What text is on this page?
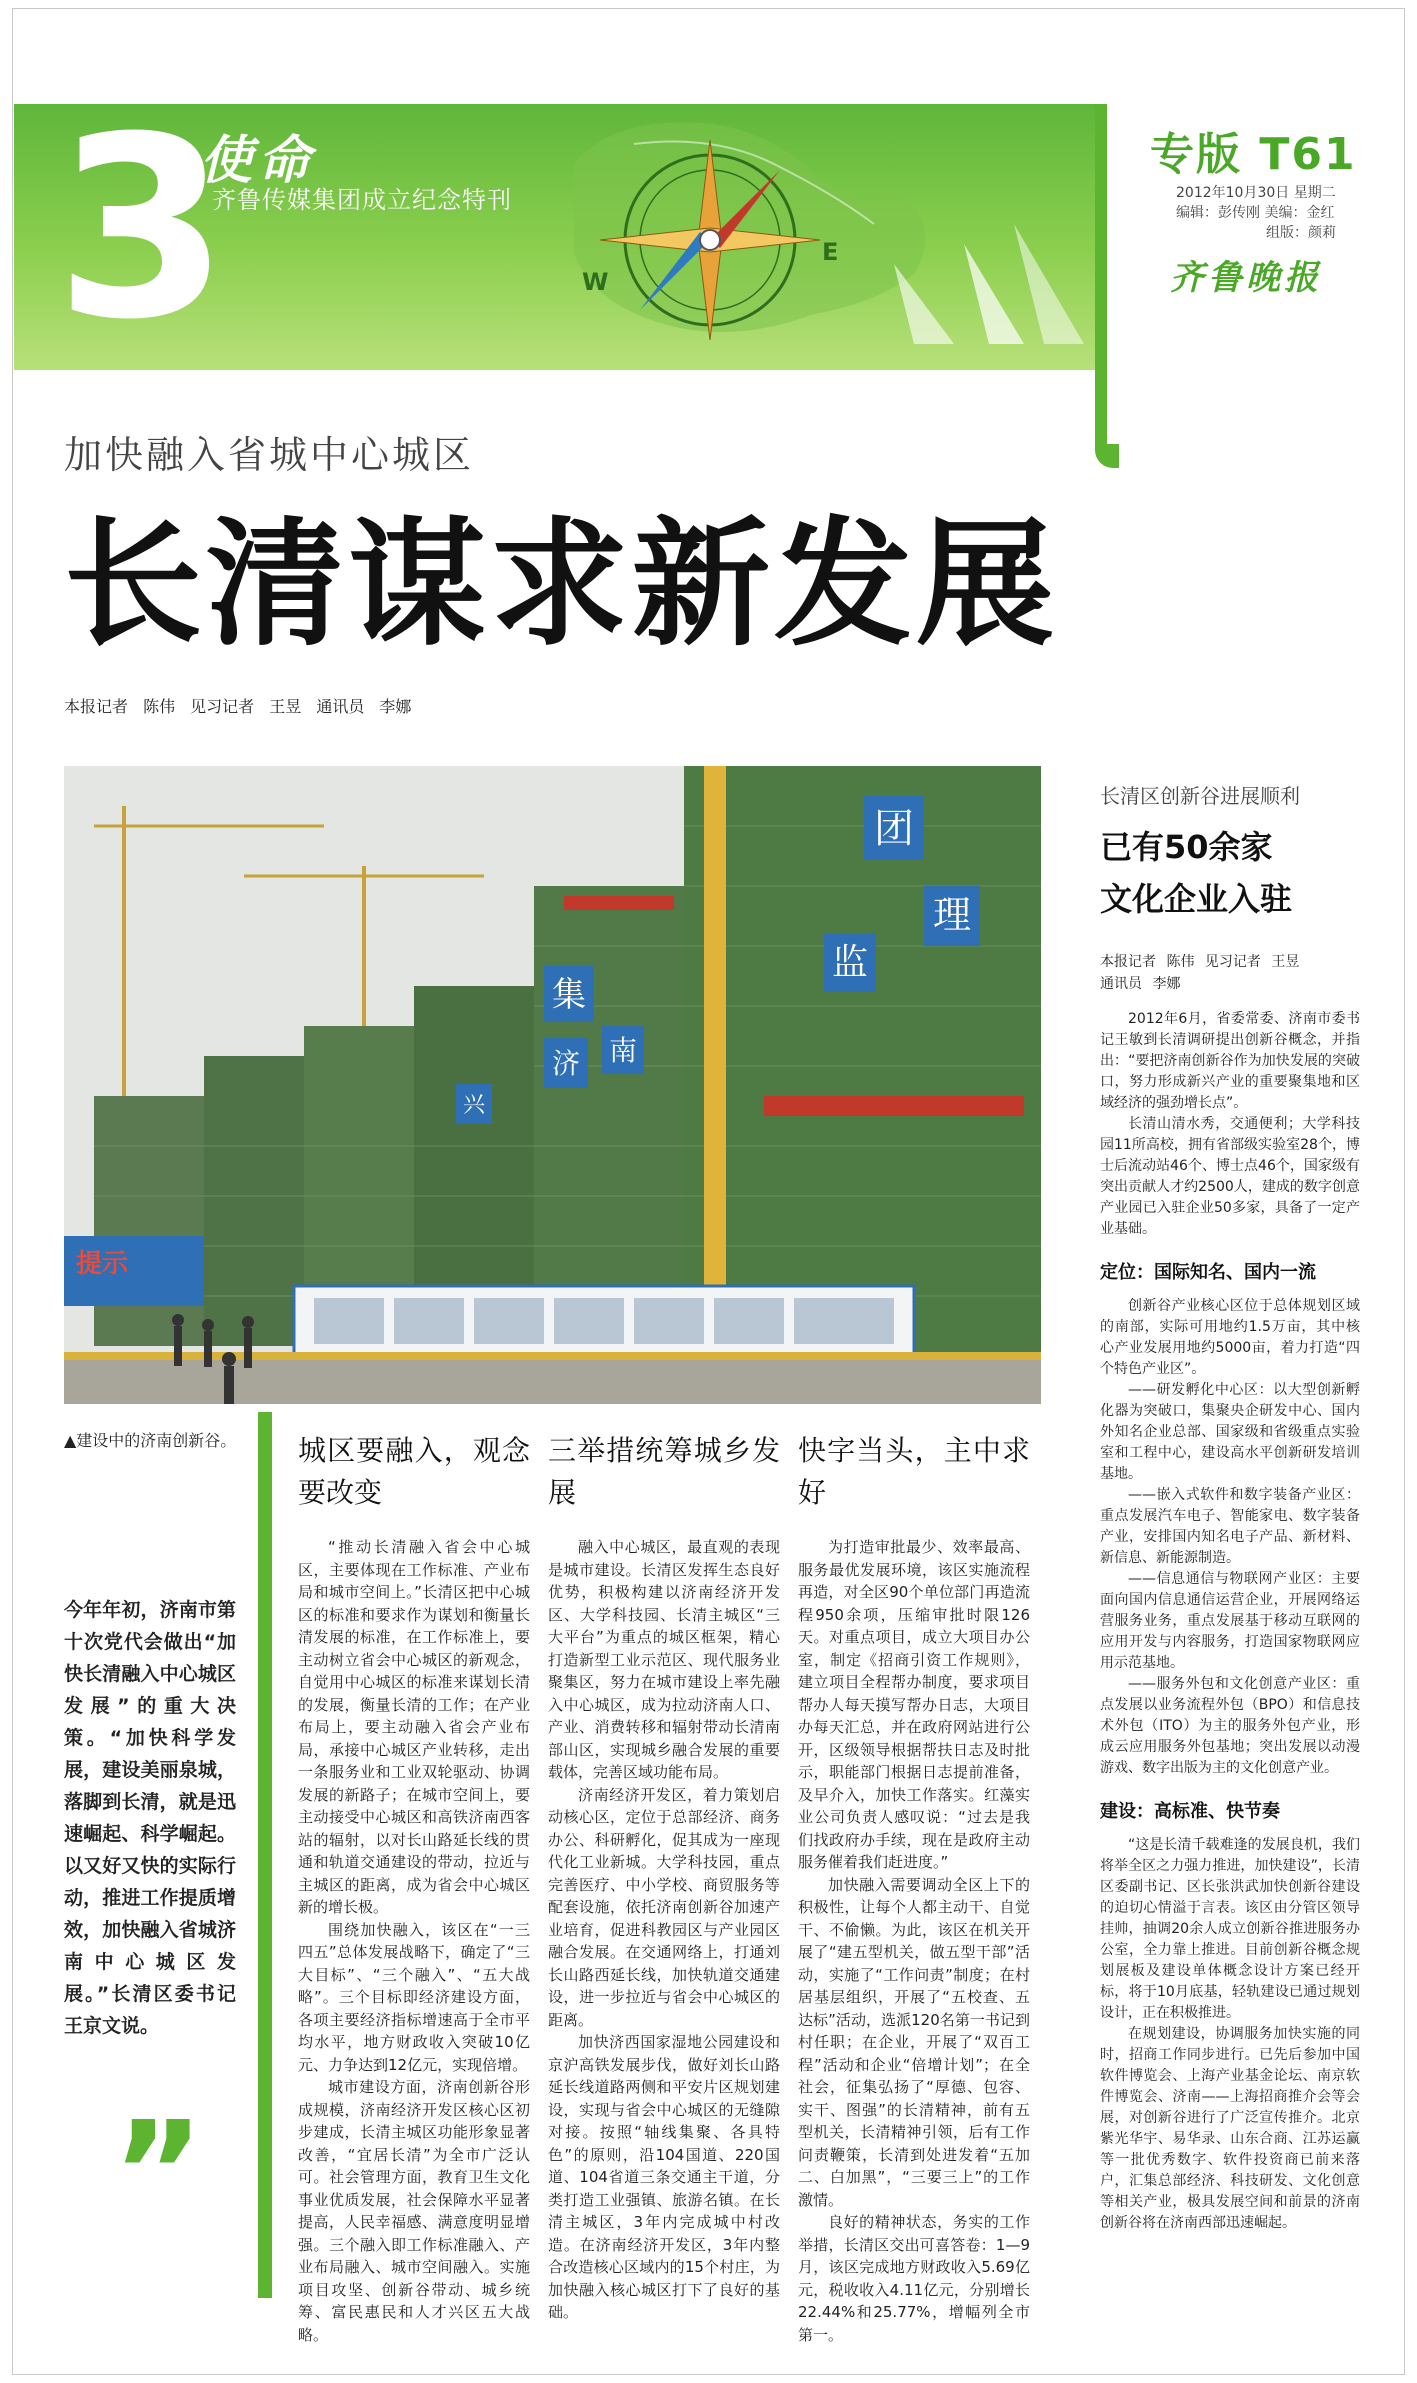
3
使命
齐鲁传媒集团成立纪念特刊
W
E
专版 T61
2012年10月30日 星期二
编辑：彭传刚 美编：金红
组版：颜莉
齐鲁晚报
加快融入省城中心城区
长清谋求新发展
本报记者 陈伟 见习记者 王昱 通讯员 李娜
团
理
监
集
南
济
兴
提示
▲建设中的济南创新谷。
今年年初，济南市第十次党代会做出“加快长清融入中心城区发展”的重大决策。“加快科学发展，建设美丽泉城，落脚到长清，就是迅速崛起、科学崛起。以又好又快的实际行动，推进工作提质增效，加快融入省城济南中心城区发展。”长清区委书记王京文说。
”
城区要融入，观念要改变

“推动长清融入省会中心城区，主要体现在工作标准、产业布局和城市空间上。”长清区把中心城区的标准和要求作为谋划和衡量长清发展的标准，在工作标准上，要主动树立省会中心城区的新观念，自觉用中心城区的标准来谋划长清的发展，衡量长清的工作；在产业布局上，要主动融入省会产业布局，承接中心城区产业转移，走出一条服务业和工业双轮驱动、协调发展的新路子；在城市空间上，要主动接受中心城区和高铁济南西客站的辐射，以对长山路延长线的贯通和轨道交通建设的带动，拉近与主城区的距离，成为省会中心城区新的增长极。

围绕加快融入，该区在“一三四五”总体发展战略下，确定了“三大目标”、“三个融入”、“五大战略”。三个目标即经济建设方面，各项主要经济指标增速高于全市平均水平，地方财政收入突破10亿元、力争达到12亿元，实现倍增。

城市建设方面，济南创新谷形成规模，济南经济开发区核心区初步建成，长清主城区功能形象显著改善，“宜居长清”为全市广泛认可。社会管理方面，教育卫生文化事业优质发展，社会保障水平显著提高，人民幸福感、满意度明显增强。三个融入即工作标准融入、产业布局融入、城市空间融入。实施项目攻坚、创新谷带动、城乡统筹、富民惠民和人才兴区五大战略。

三举措统筹城乡发展

融入中心城区，最直观的表现是城市建设。长清区发挥生态良好优势，积极构建以济南经济开发区、大学科技园、长清主城区“三大平台”为重点的城区框架，精心打造新型工业示范区、现代服务业聚集区，努力在城市建设上率先融入中心城区，成为拉动济南人口、产业、消费转移和辐射带动长清南部山区，实现城乡融合发展的重要载体，完善区域功能布局。

济南经济开发区，着力策划启动核心区，定位于总部经济、商务办公、科研孵化，促其成为一座现代化工业新城。大学科技园，重点完善医疗、中小学校、商贸服务等配套设施，依托济南创新谷加速产业培育，促进科教园区与产业园区融合发展。在交通网络上，打通刘长山路西延长线，加快轨道交通建设，进一步拉近与省会中心城区的距离。

加快济西国家湿地公园建设和京沪高铁发展步伐，做好刘长山路延长线道路两侧和平安片区规划建设，实现与省会中心城区的无缝隙对接。按照“轴线集聚、各具特色”的原则，沿104国道、220国道、104省道三条交通主干道，分类打造工业强镇、旅游名镇。在长清主城区，3年内完成城中村改造。在济南经济开发区，3年内整合改造核心区域内的15个村庄，为加快融入核心城区打下了良好的基础。

快字当头，主中求好

为打造审批最少、效率最高、服务最优发展环境，该区实施流程再造，对全区90个单位部门再造流程950余项，压缩审批时限126天。对重点项目，成立大项目办公室，制定《招商引资工作规则》，建立项目全程帮办制度，要求项目帮办人每天摸写帮办日志，大项目办每天汇总，并在政府网站进行公开，区级领导根据帮扶日志及时批示，职能部门根据日志提前准备，及早介入，加快工作落实。红藻实业公司负责人感叹说：“过去是我们找政府办手续，现在是政府主动服务催着我们赶进度。”

加快融入需要调动全区上下的积极性，让每个人都主动干、自觉干、不偷懒。为此，该区在机关开展了“建五型机关，做五型干部”活动，实施了“工作问责”制度；在村居基层组织，开展了“五校查、五达标”活动，选派120名第一书记到村任职；在企业，开展了“双百工程”活动和企业“倍增计划”；在全社会，征集弘扬了“厚德、包容、实干、图强”的长清精神，前有五型机关，长清精神引领，后有工作问责鞭策，长清到处进发着“五加二、白加黑”，“三要三上”的工作激情。

良好的精神状态，务实的工作举措，长清区交出可喜答卷：1—9月，该区完成地方财政收入5.69亿元，税收收入4.11亿元，分别增长22.44%和25.77%，增幅列全市第一。

长清区创新谷进展顺利
已有50余家
文化企业入驻
本报记者 陈伟 见习记者 王昱
通讯员 李娜

2012年6月，省委常委、济南市委书记王敏到长清调研提出创新谷概念，并指出：“要把济南创新谷作为加快发展的突破口，努力形成新兴产业的重要聚集地和区域经济的强劲增长点”。

长清山清水秀，交通便利；大学科技园11所高校，拥有省部级实验室28个，博士后流动站46个、博士点46个，国家级有突出贡献人才约2500人，建成的数字创意产业园已入驻企业50多家，具备了一定产业基础。

定位：国际知名、国内一流

创新谷产业核心区位于总体规划区域的南部，实际可用地约1.5万亩，其中核心产业发展用地约5000亩，着力打造“四个特色产业区”。

——研发孵化中心区：以大型创新孵化器为突破口，集聚央企研发中心、国内外知名企业总部、国家级和省级重点实验室和工程中心，建设高水平创新研发培训基地。

——嵌入式软件和数字装备产业区：重点发展汽车电子、智能家电、数字装备产业，安排国内知名电子产品、新材料、新信息、新能源制造。

——信息通信与物联网产业区：主要面向国内信息通信运营企业，开展网络运营服务业务，重点发展基于移动互联网的应用开发与内容服务，打造国家物联网应用示范基地。

——服务外包和文化创意产业区：重点发展以业务流程外包（BPO）和信息技术外包（ITO）为主的服务外包产业，形成云应用服务外包基地；突出发展以动漫游戏、数字出版为主的文化创意产业。

建设：高标准、快节奏

“这是长清千载难逢的发展良机，我们将举全区之力强力推进，加快建设”，长清区委副书记、区长张洪武加快创新谷建设的迫切心情溢于言表。该区由分管区领导挂帅，抽调20余人成立创新谷推进服务办公室，全力靠上推进。目前创新谷概念规划展板及建设单体概念设计方案已经开标，将于10月底基，轻轨建设已通过规划设计，正在积极推进。

在规划建设，协调服务加快实施的同时，招商工作同步进行。已先后参加中国软件博览会、上海产业基金论坛、南京软件博览会、济南——上海招商推介会等会展，对创新谷进行了广泛宣传推介。北京紫光华宇、易华录、山东合商、江苏运赢等一批优秀数字、软件投资商已前来落户，汇集总部经济、科技研发、文化创意等相关产业，极具发展空间和前景的济南创新谷将在济南西部迅速崛起。
